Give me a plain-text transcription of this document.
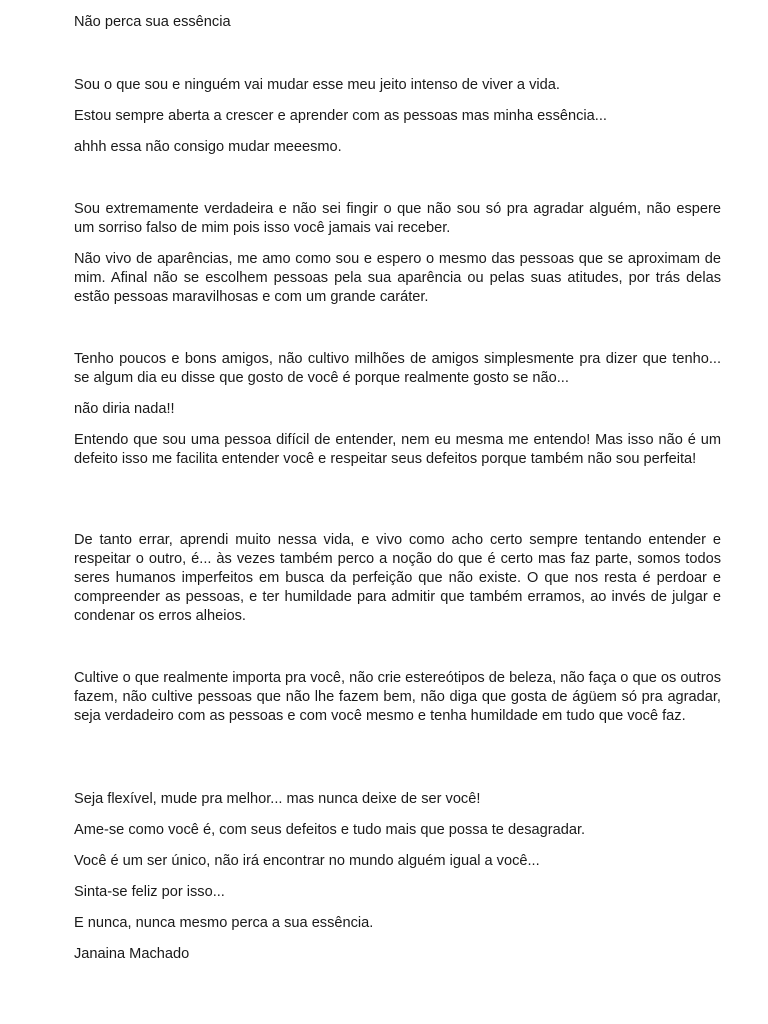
Não perca sua essência

Sou o que sou e ninguém vai mudar esse meu jeito intenso de viver a vida.

Estou sempre aberta a crescer e aprender com as pessoas mas minha essência...

ahhh essa não consigo mudar meeesmo.

Sou extremamente verdadeira e não sei fingir o que não sou só pra agradar alguém, não espere um sorriso falso de mim pois isso você jamais vai receber.

Não vivo de aparências, me amo como sou e espero o mesmo das pessoas que se aproximam de mim. Afinal não se escolhem pessoas pela sua aparência ou pelas suas atitudes, por trás delas estão pessoas maravilhosas e com um grande caráter.

Tenho poucos e bons amigos, não cultivo milhões de amigos simplesmente pra dizer que tenho... se algum dia eu disse que gosto de você é porque realmente gosto se não...

não diria nada!!

Entendo que sou uma pessoa difícil de entender, nem eu mesma me entendo! Mas isso não é um defeito isso me facilita entender você e respeitar seus defeitos porque também não sou perfeita!

De tanto errar, aprendi muito nessa vida, e vivo como acho certo sempre tentando entender e respeitar o outro, é... às vezes também perco a noção do que é certo mas faz parte, somos todos seres humanos imperfeitos em busca da perfeição que não existe. O que nos resta é perdoar e compreender as pessoas, e ter humildade para admitir que também erramos, ao invés de julgar e condenar os erros alheios.

Cultive o que realmente importa pra você, não crie estereótipos de beleza, não faça o que os outros fazem, não cultive pessoas que não lhe fazem bem, não diga que gosta de ágüem só pra agradar, seja verdadeiro com as pessoas e com você mesmo e tenha humildade em tudo que você faz.

Seja flexível, mude pra melhor... mas nunca deixe de ser você!

Ame-se como você é, com seus defeitos e tudo mais que possa te desagradar.

Você é um ser único, não irá encontrar no mundo alguém igual a você...

Sinta-se feliz por isso...

E nunca, nunca mesmo perca a sua essência.

Janaina Machado
